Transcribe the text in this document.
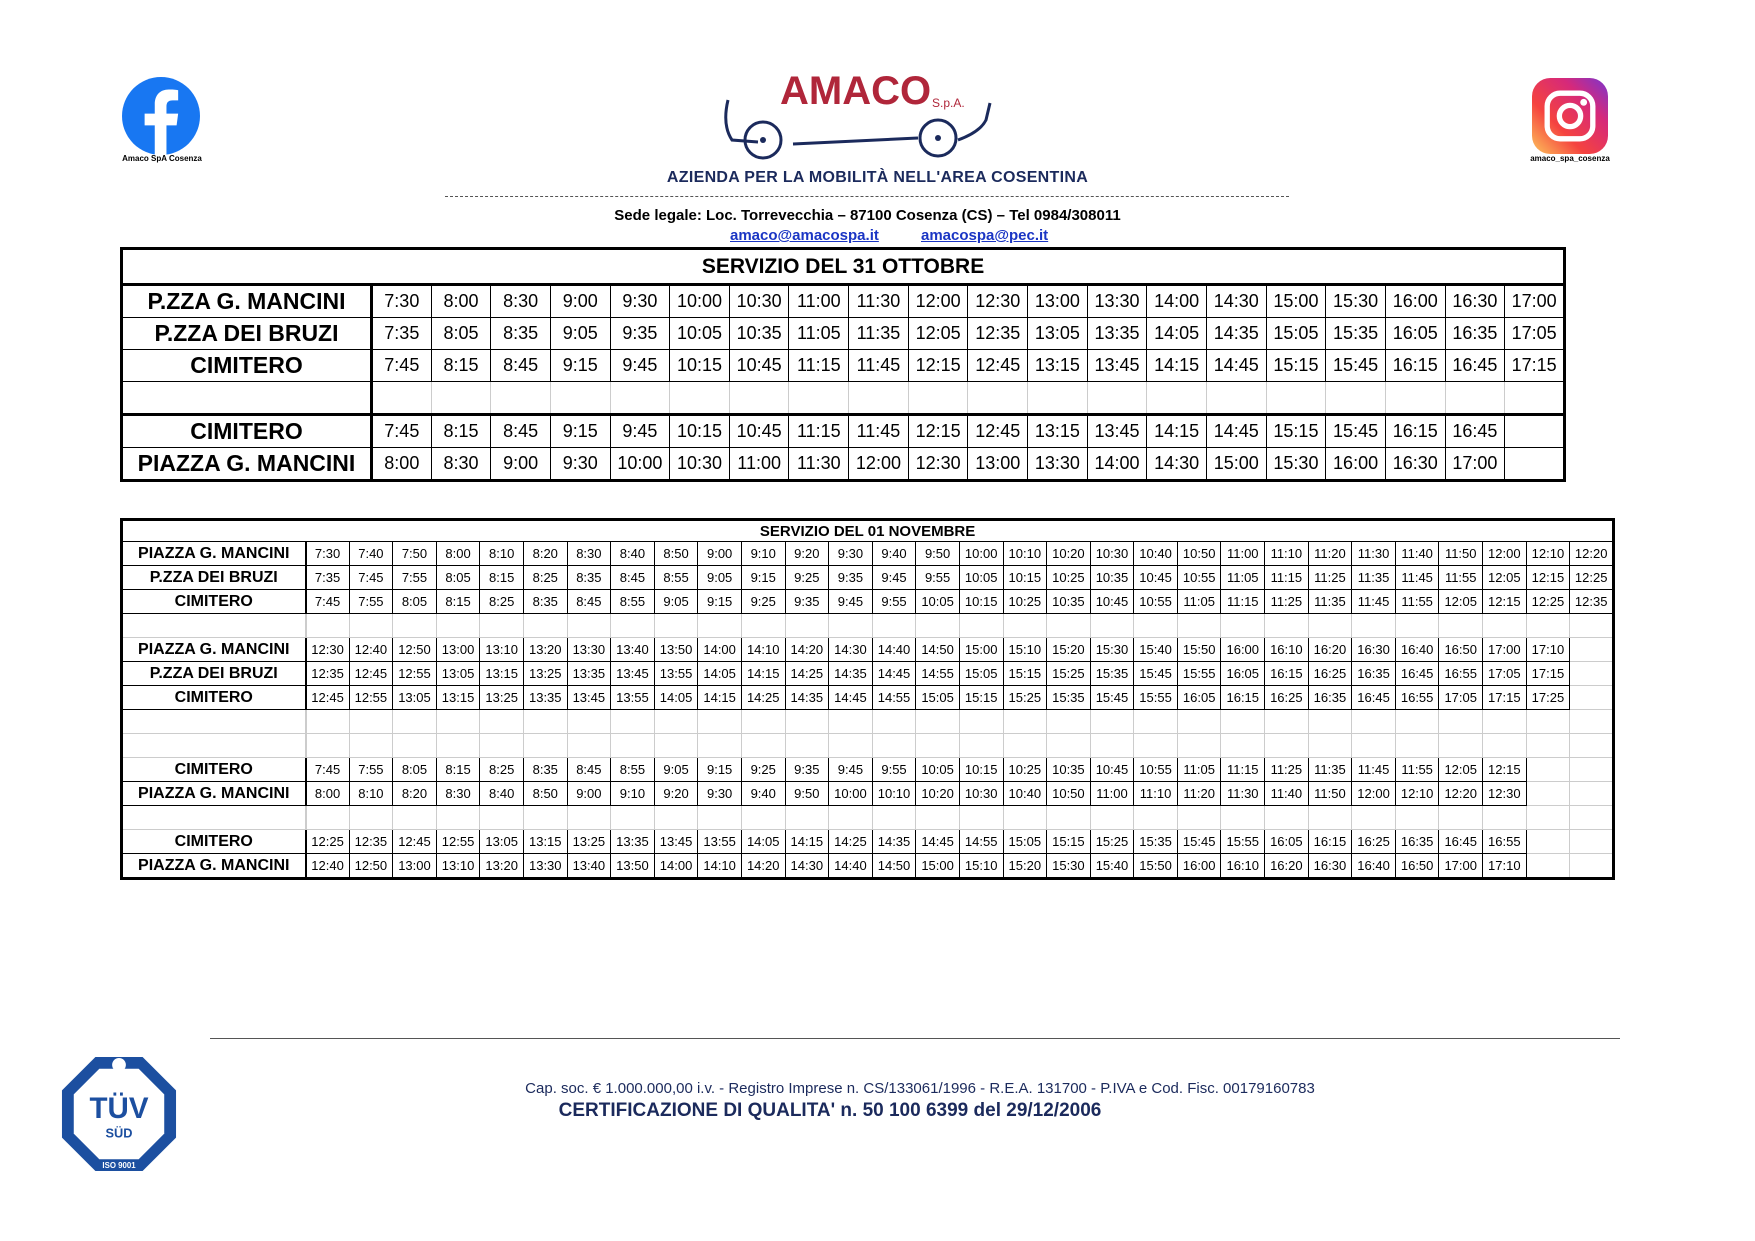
Amaco SpA Cosenza	amaco_spa_cosenza
AMACO S.p.A.
AZIENDA PER LA MOBILITÀ NELL'AREA COSENTINA
Sede legale: Loc. Torrevecchia – 87100 Cosenza (CS) – Tel 0984/308011
amaco@amacospa.it	amacospa@pec.it
SERVIZIO DEL 31 OTTOBRE																				
P.ZZA G. MANCINI	7:30	8:00	8:30	9:00	9:30	10:00	10:30	11:00	11:30	12:00	12:30	13:00	13:30	14:00	14:30	15:00	15:30	16:00	16:30	17:00
P.ZZA DEI BRUZI	7:35	8:05	8:35	9:05	9:35	10:05	10:35	11:05	11:35	12:05	12:35	13:05	13:35	14:05	14:35	15:05	15:35	16:05	16:35	17:05
CIMITERO	7:45	8:15	8:45	9:15	9:45	10:15	10:45	11:15	11:45	12:15	12:45	13:15	13:45	14:15	14:45	15:15	15:45	16:15	16:45	17:15

CIMITERO	7:45	8:15	8:45	9:15	9:45	10:15	10:45	11:15	11:45	12:15	12:45	13:15	13:45	14:15	14:45	15:15	15:45	16:15	16:45	
PIAZZA G. MANCINI	8:00	8:30	9:00	9:30	10:00	10:30	11:00	11:30	12:00	12:30	13:00	13:30	14:00	14:30	15:00	15:30	16:00	16:30	17:00	
SERVIZIO DEL 01 NOVEMBRE																														
PIAZZA G. MANCINI	7:30	7:40	7:50	8:00	8:10	8:20	8:30	8:40	8:50	9:00	9:10	9:20	9:30	9:40	9:50	10:00	10:10	10:20	10:30	10:40	10:50	11:00	11:10	11:20	11:30	11:40	11:50	12:00	12:10	12:20
P.ZZA DEI BRUZI	7:35	7:45	7:55	8:05	8:15	8:25	8:35	8:45	8:55	9:05	9:15	9:25	9:35	9:45	9:55	10:05	10:15	10:25	10:35	10:45	10:55	11:05	11:15	11:25	11:35	11:45	11:55	12:05	12:15	12:25
CIMITERO	7:45	7:55	8:05	8:15	8:25	8:35	8:45	8:55	9:05	9:15	9:25	9:35	9:45	9:55	10:05	10:15	10:25	10:35	10:45	10:55	11:05	11:15	11:25	11:35	11:45	11:55	12:05	12:15	12:25	12:35

PIAZZA G. MANCINI	12:30	12:40	12:50	13:00	13:10	13:20	13:30	13:40	13:50	14:00	14:10	14:20	14:30	14:40	14:50	15:00	15:10	15:20	15:30	15:40	15:50	16:00	16:10	16:20	16:30	16:40	16:50	17:00	17:10	
P.ZZA DEI BRUZI	12:35	12:45	12:55	13:05	13:15	13:25	13:35	13:45	13:55	14:05	14:15	14:25	14:35	14:45	14:55	15:05	15:15	15:25	15:35	15:45	15:55	16:05	16:15	16:25	16:35	16:45	16:55	17:05	17:15	
CIMITERO	12:45	12:55	13:05	13:15	13:25	13:35	13:45	13:55	14:05	14:15	14:25	14:35	14:45	14:55	15:05	15:15	15:25	15:35	15:45	15:55	16:05	16:15	16:25	16:35	16:45	16:55	17:05	17:15	17:25	

CIMITERO	7:45	7:55	8:05	8:15	8:25	8:35	8:45	8:55	9:05	9:15	9:25	9:35	9:45	9:55	10:05	10:15	10:25	10:35	10:45	10:55	11:05	11:15	11:25	11:35	11:45	11:55	12:05	12:15		
PIAZZA G. MANCINI	8:00	8:10	8:20	8:30	8:40	8:50	9:00	9:10	9:20	9:30	9:40	9:50	10:00	10:10	10:20	10:30	10:40	10:50	11:00	11:10	11:20	11:30	11:40	11:50	12:00	12:10	12:20	12:30		

CIMITERO	12:25	12:35	12:45	12:55	13:05	13:15	13:25	13:35	13:45	13:55	14:05	14:15	14:25	14:35	14:45	14:55	15:05	15:15	15:25	15:35	15:45	15:55	16:05	16:15	16:25	16:35	16:45	16:55		
PIAZZA G. MANCINI	12:40	12:50	13:00	13:10	13:20	13:30	13:40	13:50	14:00	14:10	14:20	14:30	14:40	14:50	15:00	15:10	15:20	15:30	15:40	15:50	16:00	16:10	16:20	16:30	16:40	16:50	17:00	17:10		
TÜV
SÜD
ISO 9001
Cap. soc. € 1.000.000,00 i.v. - Registro Imprese n. CS/133061/1996 - R.E.A. 131700 - P.IVA e Cod. Fisc. 00179160783
CERTIFICAZIONE DI QUALITA' n. 50 100 6399 del 29/12/2006
